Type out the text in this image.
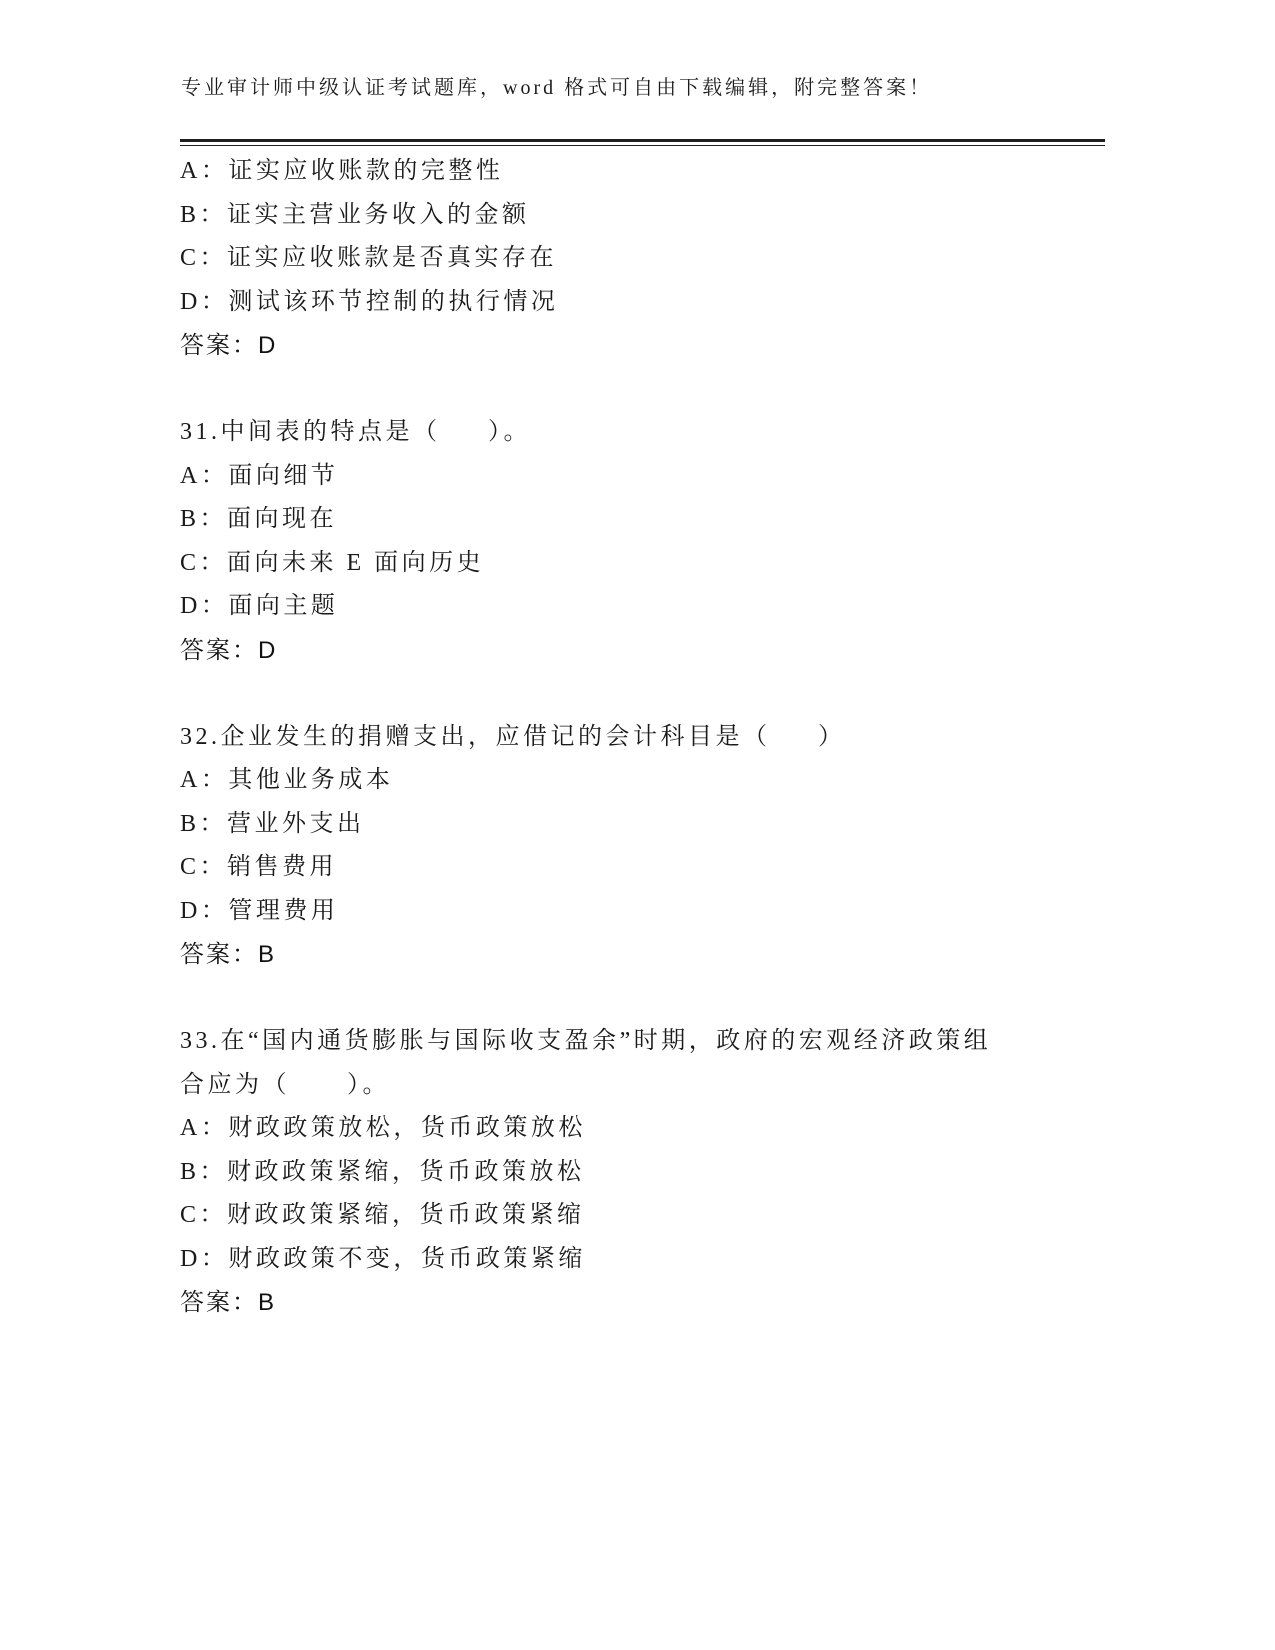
专业审计师中级认证考试题库，word 格式可自由下载编辑，附完整答案！
A：证实应收账款的完整性
B：证实主营业务收入的金额
C：证实应收账款是否真实存在
D：测试该环节控制的执行情况
答案：D
31.中间表的特点是（     ）。
A：面向细节
B：面向现在
C：面向未来 E 面向历史
D：面向主题
答案：D
32.企业发生的捐赠支出，应借记的会计科目是（     ）
A：其他业务成本
B：营业外支出
C：销售费用
D：管理费用
答案：B
33.在“国内通货膨胀与国际收支盈余”时期，政府的宏观经济政策组
合应为（      ）。
A：财政政策放松，货币政策放松
B：财政政策紧缩，货币政策放松
C：财政政策紧缩，货币政策紧缩
D：财政政策不变，货币政策紧缩
答案：B
